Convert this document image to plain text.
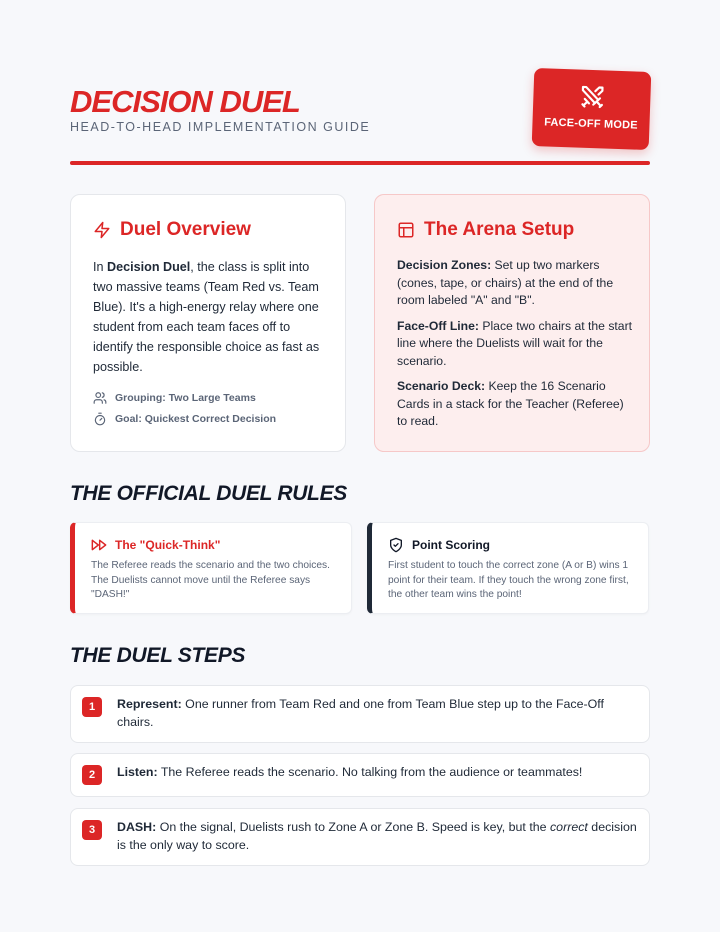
DECISION DUEL
HEAD-TO-HEAD IMPLEMENTATION GUIDE	FACE-OFF MODE
Duel Overview
In Decision Duel, the class is split into two massive teams (Team Red vs. Team Blue). It's a high-energy relay where one student from each team faces off to identify the responsible choice as fast as possible.
Grouping: Two Large Teams
Goal: Quickest Correct Decision
The Arena Setup

Decision Zones: Set up two markers (cones, tape, or chairs) at the end of the room labeled "A" and "B".

Face-Off Line: Place two chairs at the start line where the Duelists will wait for the scenario.

Scenario Deck: Keep the 16 Scenario Cards in a stack for the Teacher (Referee) to read.

THE OFFICIAL DUEL RULES
The "Quick-Think"
The Referee reads the scenario and the two choices. The Duelists cannot move until the Referee says "DASH!"
Point Scoring
First student to touch the correct zone (A or B) wins 1 point for their team. If they touch the wrong zone first, the other team wins the point!
THE DUEL STEPS
1	Represent: One runner from Team Red and one from Team Blue step up to the Face-Off chairs.
2	Listen: The Referee reads the scenario. No talking from the audience or teammates!
3	DASH: On the signal, Duelists rush to Zone A or Zone B. Speed is key, but the correct decision is the only way to score.
